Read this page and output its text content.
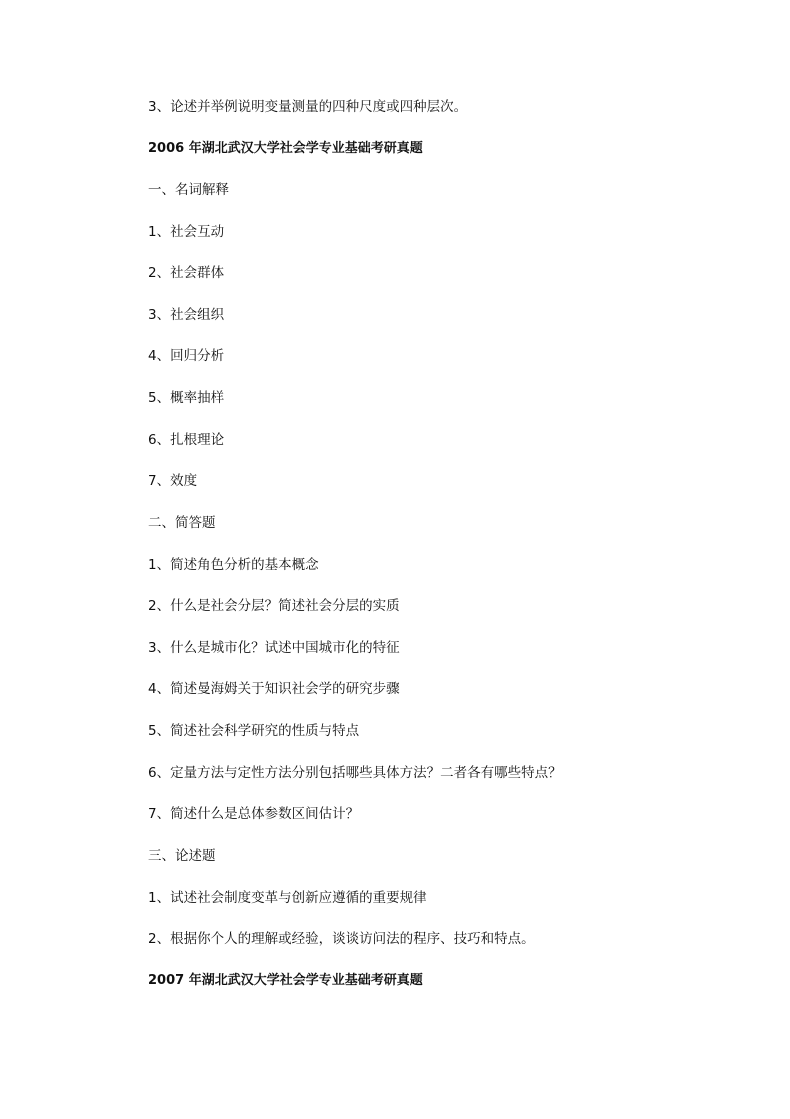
3、论述并举例说明变量测量的四种尺度或四种层次。
2006 年湖北武汉大学社会学专业基础考研真题
一、名词解释
1、社会互动
2、社会群体
3、社会组织
4、回归分析
5、概率抽样
6、扎根理论
7、效度
二、简答题
1、简述角色分析的基本概念
2、什么是社会分层？简述社会分层的实质
3、什么是城市化？试述中国城市化的特征
4、简述曼海姆关于知识社会学的研究步骤
5、简述社会科学研究的性质与特点
6、定量方法与定性方法分别包括哪些具体方法？二者各有哪些特点？
7、简述什么是总体参数区间估计？
三、论述题
1、试述社会制度变革与创新应遵循的重要规律
2、根据你个人的理解或经验，谈谈访问法的程序、技巧和特点。
2007 年湖北武汉大学社会学专业基础考研真题
